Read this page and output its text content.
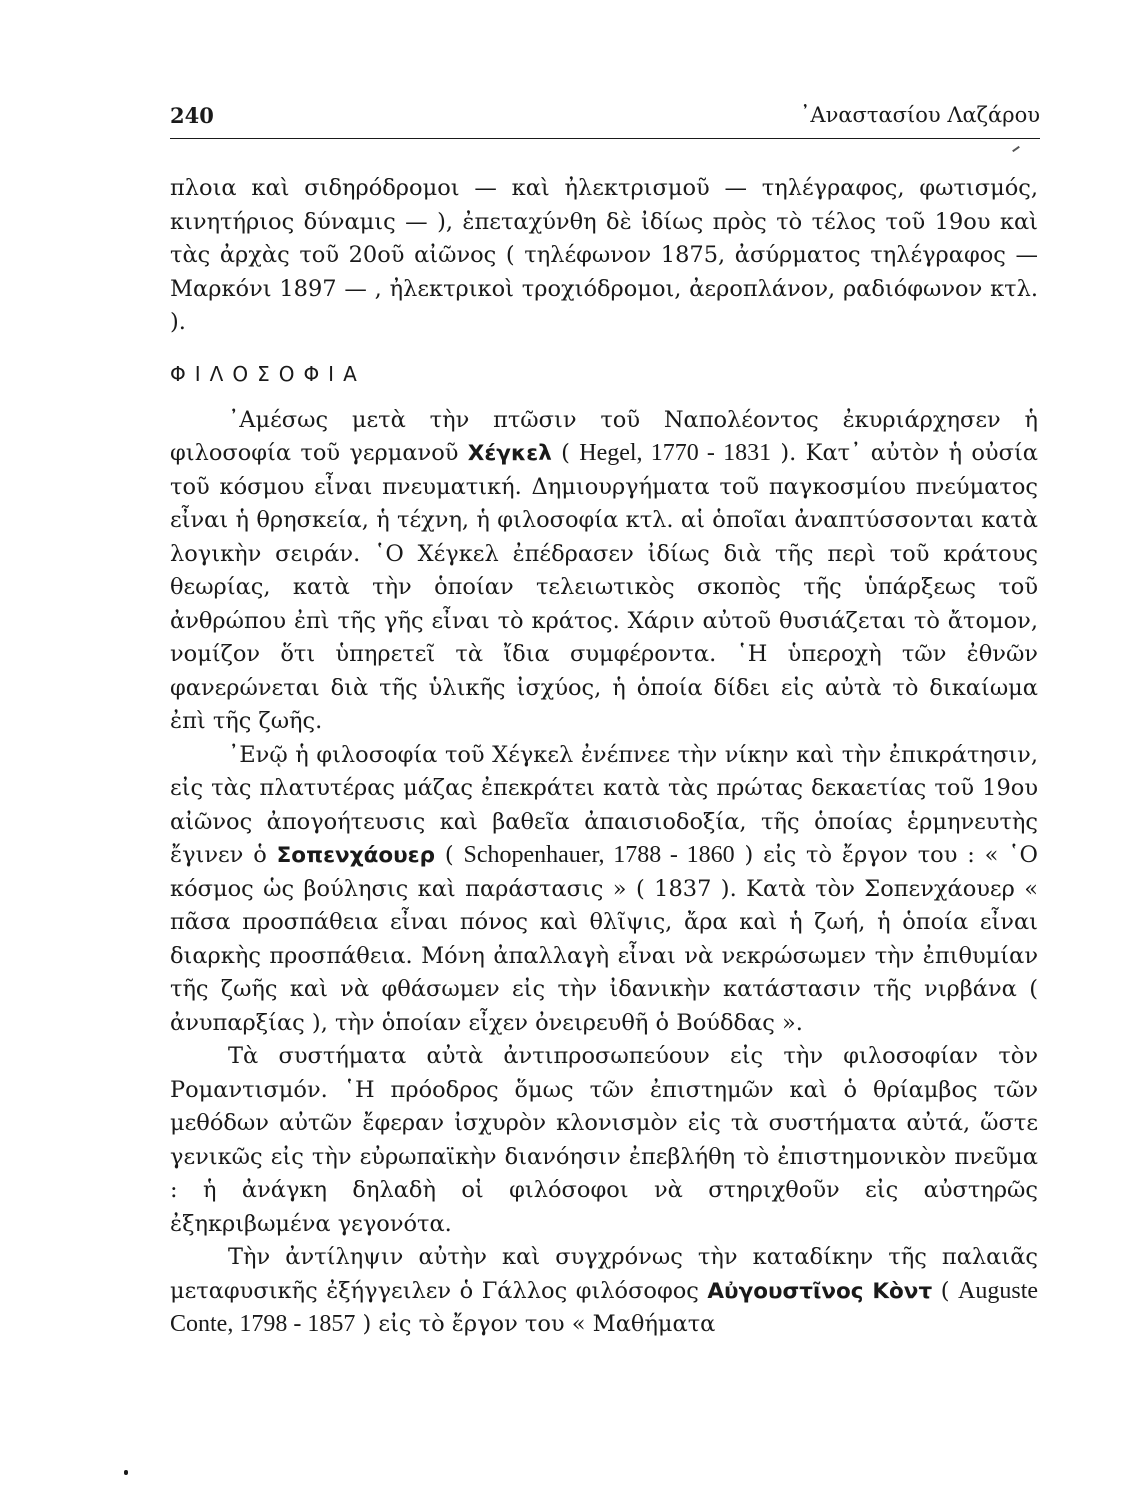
240	᾿Αναστασίου Λαζάρου

πλοια καὶ σιδηρόδρομοι — καὶ ἠλεκτρισμοῦ — τηλέγραφος, φωτισμός, κινητήριος δύναμις — ), ἐπεταχύνθη δὲ ἰδίως πρὸς τὸ τέλος τοῦ 19ου καὶ τὰς ἀρχὰς τοῦ 20οῦ αἰῶνος ( τηλέφωνον 1875, ἀσύρματος τηλέγραφος — Μαρκόνι 1897 — , ἠλεκτρικοὶ τροχιόδρομοι, ἀεροπλάνον, ραδιόφωνον κτλ. ).

ΦΙΛΟΣΟΦΙΑ

᾿Αμέσως μετὰ τὴν πτῶσιν τοῦ Ναπολέοντος ἐκυριάρχησεν ἡ φιλοσοφία τοῦ γερμανοῦ Χέγκελ ( Hegel, 1770 - 1831 ). Κατ᾿ αὐτὸν ἡ οὐσία τοῦ κόσμου εἶναι πνευματική. Δημιουργήματα τοῦ παγκοσμίου πνεύματος εἶναι ἡ θρησκεία, ἡ τέχνη, ἡ φιλοσοφία κτλ. αἱ ὁποῖαι ἀναπτύσσονται κατὰ λογικὴν σειράν. ῾Ο Χέγκελ ἐπέδρασεν ἰδίως διὰ τῆς περὶ τοῦ κράτους θεωρίας, κατὰ τὴν ὁποίαν τελειωτικὸς σκοπὸς τῆς ὑπάρξεως τοῦ ἀνθρώπου ἐπὶ τῆς γῆς εἶναι τὸ κράτος. Χάριν αὐτοῦ θυσιάζεται τὸ ἄτομον, νομίζον ὅτι ὑπηρετεῖ τὰ ἴδια συμφέροντα. ῾Η ὑπεροχὴ τῶν ἐθνῶν φανερώνεται διὰ τῆς ὑλικῆς ἰσχύος, ἡ ὁποία δίδει εἰς αὐτὰ τὸ δικαίωμα ἐπὶ τῆς ζωῆς.

᾿Ενῷ ἡ φιλοσοφία τοῦ Χέγκελ ἐνέπνεε τὴν νίκην καὶ τὴν ἐπικράτησιν, εἰς τὰς πλατυτέρας μάζας ἐπεκράτει κατὰ τὰς πρώτας δεκαετίας τοῦ 19ου αἰῶνος ἀπογοήτευσις καὶ βαθεῖα ἀπαισιοδοξία, τῆς ὁποίας ἑρμηνευτὴς ἔγινεν ὁ Σοπενχάουερ ( Schopenhauer, 1788 - 1860 ) εἰς τὸ ἔργον του : « ῾Ο κόσμος ὡς βούλησις καὶ παράστασις » ( 1837 ). Κατὰ τὸν Σοπενχάουερ « πᾶσα προσπάθεια εἶναι πόνος καὶ θλῖψις, ἄρα καὶ ἡ ζωή, ἡ ὁποία εἶναι διαρκὴς προσπάθεια. Μόνη ἀπαλλαγὴ εἶναι νὰ νεκρώσωμεν τὴν ἐπιθυμίαν τῆς ζωῆς καὶ νὰ φθάσωμεν εἰς τὴν ἰδανικὴν κατάστασιν τῆς νιρβάνα ( ἀνυπαρξίας ), τὴν ὁποίαν εἶχεν ὀνειρευθῆ ὁ Βούδδας ».

Τὰ συστήματα αὐτὰ ἀντιπροσωπεύουν εἰς τὴν φιλοσοφίαν τὸν Ρομαντισμόν. ῾Η πρόοδρος ὅμως τῶν ἐπιστημῶν καὶ ὁ θρίαμβος τῶν μεθόδων αὐτῶν ἔφεραν ἰσχυρὸν κλονισμὸν εἰς τὰ συστήματα αὐτά, ὥστε γενικῶς εἰς τὴν εὐρωπαϊκὴν διανόησιν ἐπεβλήθη τὸ ἐπιστημονικὸν πνεῦμα : ἡ ἀνάγκη δηλαδὴ οἱ φιλόσοφοι νὰ στηριχθοῦν εἰς αὐστηρῶς ἐξηκριβωμένα γεγονότα.

Τὴν ἀντίληψιν αὐτὴν καὶ συγχρόνως τὴν καταδίκην τῆς παλαιᾶς μεταφυσικῆς ἐξήγγειλεν ὁ Γάλλος φιλόσοφος Αὐγουστῖνος Κὸντ ( Auguste Conte, 1798 - 1857 ) εἰς τὸ ἔργον του « Μαθήματα
